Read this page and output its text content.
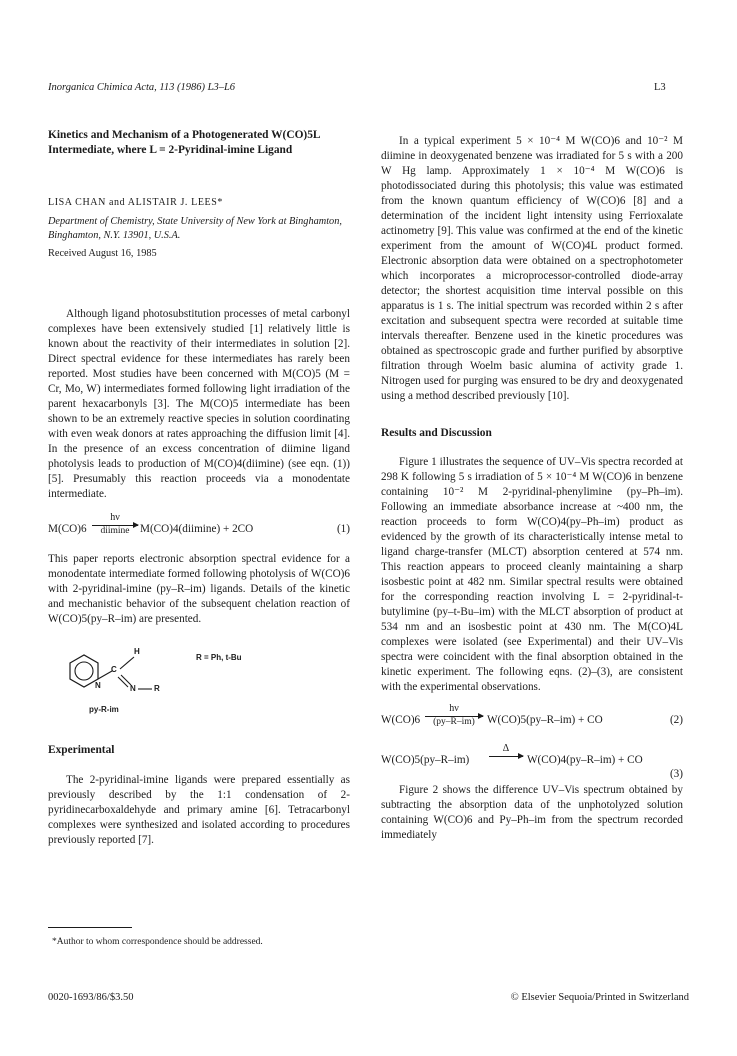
Inorganica Chimica Acta, 113 (1986) L3–L6	L3
Kinetics and Mechanism of a Photogenerated W(CO)5L Intermediate, where L = 2-Pyridinal-imine Ligand
LISA CHAN and ALISTAIR J. LEES*
Department of Chemistry, State University of New York at Binghamton, Binghamton, N.Y. 13901, U.S.A.
Received August 16, 1985

Although ligand photosubstitution processes of metal carbonyl complexes have been extensively studied [1] relatively little is known about the reactivity of their intermediates in solution [2]. Direct spectral evidence for these intermediates has rarely been reported. Most studies have been concerned with M(CO)5 (M = Cr, Mo, W) intermediates formed following light irradiation of the parent hexacarbonyls [3]. The M(CO)5 intermediate has been shown to be an extremely reactive species in solution coordinating with even weak donors at rates approaching the diffusion limit [4]. In the presence of an excess concentration of diimine ligand photolysis leads to production of M(CO)4(diimine) (see eqn. (1)) [5]. Presumably this reaction proceeds via a monodentate intermediate.

M(CO)6
hν
diimine M(CO)4(diimine) + 2CO	(1)

This paper reports electronic absorption spectral evidence for a monodentate intermediate formed following photolysis of W(CO)6 with 2-pyridinal-imine (py–R–im) ligands. Details of the kinetic and mechanistic behavior of the subsequent chelation reaction of W(CO)5(py–R–im) are presented.

H
C
N	N R
R = Ph, t-Bu
py-R-im
Experimental

The 2-pyridinal-imine ligands were prepared essentially as previously described by the 1:1 condensation of 2-pyridinecarboxaldehyde and primary amine [6]. Tetracarbonyl complexes were synthesized and isolated according to procedures previously reported [7].

*Author to whom correspondence should be addressed.

In a typical experiment 5 × 10⁻⁴ M W(CO)6 and 10⁻² M diimine in deoxygenated benzene was irradiated for 5 s with a 200 W Hg lamp. Approximately 1 × 10⁻⁴ M W(CO)6 is photodissociated during this photolysis; this value was estimated from the known quantum efficiency of W(CO)6 [8] and a determination of the incident light intensity using Ferrioxalate actinometry [9]. This value was confirmed at the end of the kinetic experiment from the amount of W(CO)4L product formed. Electronic absorption data were obtained on a spectrophotometer which incorporates a microprocessor-controlled diode-array detector; the shortest acquisition time interval possible on this apparatus is 1 s. The initial spectrum was recorded within 2 s after excitation and subsequent spectra were recorded at suitable time intervals thereafter. Benzene used in the kinetic procedures was obtained as spectroscopic grade and further purified by absorptive filtration through Woelm basic alumina of activity grade 1. Nitrogen used for purging was ensured to be dry and deoxygenated using a method described previously [10].

Results and Discussion

Figure 1 illustrates the sequence of UV–Vis spectra recorded at 298 K following 5 s irradiation of 5 × 10⁻⁴ M W(CO)6 in benzene containing 10⁻² M 2-pyridinal-phenylimine (py–Ph–im). Following an immediate absorbance increase at ~400 nm, the reaction proceeds to form W(CO)4(py–Ph–im) product as evidenced by the growth of its characteristically intense metal to ligand charge-transfer (MLCT) absorption centered at 574 nm. This reaction appears to proceed cleanly maintaining a sharp isosbestic point at 482 nm. Similar spectral results were obtained for the corresponding reaction involving L = 2-pyridinal-t-butylimine (py–t-Bu–im) with the MLCT absorption of product at 534 nm and an isosbestic point at 430 nm. The M(CO)4L complexes were isolated (see Experimental) and their UV–Vis spectra were coincident with the final absorption obtained in the kinetic experiment. The following eqns. (2)–(3), are consistent with the experimental observations.

W(CO)6
hν
(py–R–im)	W(CO)5(py–R–im) + CO	(2)
W(CO)5(py–R–im)
Δ
W(CO)4(py–R–im) + CO
(3)

Figure 2 shows the difference UV–Vis spectrum obtained by subtracting the absorption data of the unphotolyzed solution containing W(CO)6 and Py–Ph–im from the spectrum recorded immediately

0020-1693/86/$3.50	© Elsevier Sequoia/Printed in Switzerland
